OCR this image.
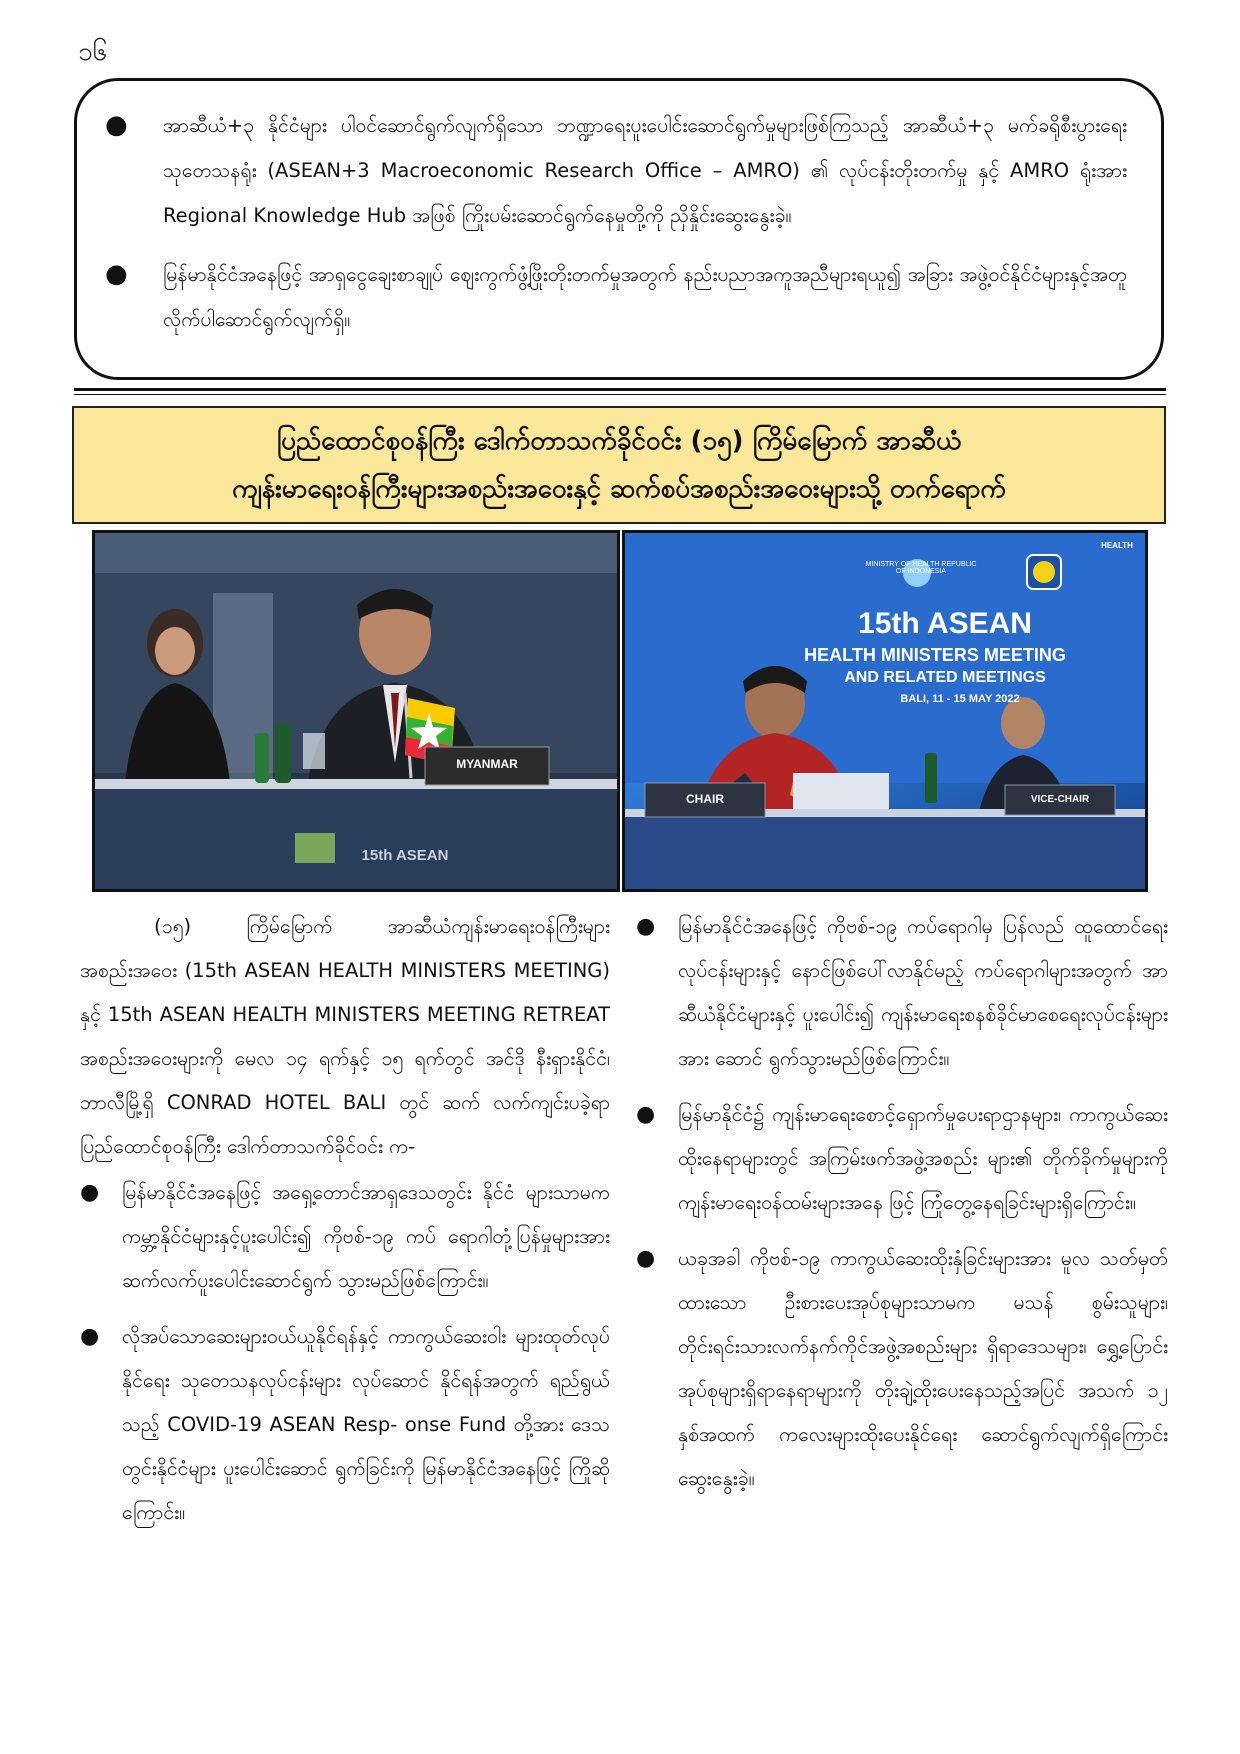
၁၆
●	အာဆီယံ+၃ နိုင်ငံများ ပါဝင်ဆောင်ရွက်လျက်ရှိသော ဘဏ္ဍာရေးပူးပေါင်းဆောင်ရွက်မှုများဖြစ်ကြသည့် အာဆီယံ+၃ မက်ခရိုစီးပွားရေးသုတေသနရုံး (ASEAN+3 Macroeconomic Research Office – AMRO) ၏ လုပ်ငန်းတိုးတက်မှု နှင့် AMRO ရုံးအား Regional Knowledge Hub အဖြစ် ကြိုးပမ်းဆောင်ရွက်နေမှုတို့ကို ညှိနှိုင်းဆွေးနွေးခဲ့။
●	မြန်မာနိုင်ငံအနေဖြင့် အာရှငွေချေးစာချုပ် ဈေးကွက်ဖွံ့ဖြိုးတိုးတက်မှုအတွက် နည်းပညာအကူအညီများရယူ၍ အခြား အဖွဲ့ဝင်နိုင်ငံများနှင့်အတူ လိုက်ပါဆောင်ရွက်လျက်ရှိ။
ပြည်ထောင်စုဝန်ကြီး ဒေါက်တာသက်ခိုင်ဝင်း (၁၅) ကြိမ်မြောက် အာဆီယံ
ကျန်းမာရေးဝန်ကြီးများအစည်းအဝေးနှင့် ဆက်စပ်အစည်းအဝေးများသို့ တက်ရောက်
MYANMAR
15th ASEAN
HEALTH
MINISTRY OF HEALTH REPUBLIC OF INDONESIA
15th ASEAN
HEALTH MINISTERS MEETING
AND RELATED MEETINGS
BALI, 11 - 15 MAY 2022
CHAIR	VICE-CHAIR

(၁၅) ကြိမ်မြောက် အာဆီယံကျန်းမာရေးဝန်ကြီးများ အစည်းအဝေး (15th ASEAN HEALTH MINISTERS MEETING) နှင့် 15th ASEAN HEALTH MINISTERS MEETING RETREAT အစည်းအဝေးများကို မေလ ၁၄ ရက်နှင့် ၁၅ ရက်တွင် အင်ဒို နီးရှားနိုင်ငံ၊ ဘာလီမြို့ရှိ CONRAD HOTEL BALI တွင် ဆက် လက်ကျင်းပခဲ့ရာ ပြည်ထောင်စုဝန်ကြီး ဒေါက်တာသက်ခိုင်ဝင်း က-

●	မြန်မာနိုင်ငံအနေဖြင့် အရှေ့တောင်အာရှဒေသတွင်း နိုင်ငံ များသာမက ကမ္ဘာ့နိုင်ငံများနှင့်ပူးပေါင်း၍ ကိုဗစ်-၁၉ ကပ် ရောဂါတုံ့ပြန်မှုများအား ဆက်လက်ပူးပေါင်းဆောင်ရွက် သွားမည်ဖြစ်ကြောင်း။
●	လိုအပ်သောဆေးများဝယ်ယူနိုင်ရန်နှင့် ကာကွယ်ဆေးဝါး များထုတ်လုပ်နိုင်ရေး သုတေသနလုပ်ငန်းများ လုပ်ဆောင် နိုင်ရန်အတွက် ရည်ရွယ်သည့် COVID-19 ASEAN Resp- onse Fund တို့အား ဒေသတွင်းနိုင်ငံများ ပူးပေါင်းဆောင် ရွက်ခြင်းကို မြန်မာနိုင်ငံအနေဖြင့် ကြိုဆိုကြောင်း။
●	မြန်မာနိုင်ငံအနေဖြင့် ကိုဗစ်-၁၉ ကပ်ရောဂါမှ ပြန်လည် ထူထောင်ရေးလုပ်ငန်းများနှင့် နောင်ဖြစ်ပေါ်လာနိုင်မည့် ကပ်ရောဂါများအတွက် အာဆီယံနိုင်ငံများနှင့် ပူးပေါင်း၍ ကျန်းမာရေးစနစ်ခိုင်မာစေရေးလုပ်ငန်းများအား ဆောင် ရွက်သွားမည်ဖြစ်ကြောင်း။
●	မြန်မာနိုင်ငံ၌ ကျန်းမာရေးစောင့်ရှောက်မှုပေးရာဌာနများ၊ ကာကွယ်ဆေးထိုးနေရာများတွင် အကြမ်းဖက်အဖွဲ့အစည်း များ၏ တိုက်ခိုက်မှုများကို ကျန်းမာရေးဝန်ထမ်းများအနေ ဖြင့် ကြုံတွေ့နေရခြင်းများရှိကြောင်း။
●	ယခုအခါ ကိုဗစ်-၁၉ ကာကွယ်ဆေးထိုးနှံခြင်းများအား မူလ သတ်မှတ်ထားသော ဦးစားပေးအုပ်စုများသာမက မသန် စွမ်းသူများ၊ တိုင်းရင်းသားလက်နက်ကိုင်အဖွဲ့အစည်းများ ရှိရာဒေသများ၊ ရွှေ့ပြောင်းအုပ်စုများရှိရာနေရာများကို တိုးချဲ့ထိုးပေးနေသည့်အပြင် အသက် ၁၂ နှစ်အထက် ကလေးများထိုးပေးနိုင်ရေး ဆောင်ရွက်လျက်ရှိကြောင်း ဆွေးနွေးခဲ့။
